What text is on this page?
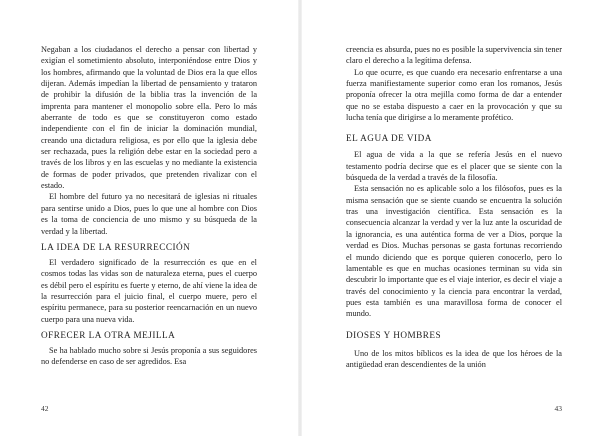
Negaban a los ciudadanos el derecho a pensar con libertad y exigían el sometimiento absoluto, interponiéndose entre Dios y los hombres, afirmando que la voluntad de Dios era la que ellos dijeran. Además impedían la libertad de pensamiento y trataron de prohibir la difusión de la biblia tras la invención de la imprenta para mantener el monopolio sobre ella. Pero lo más aberrante de todo es que se constituyeron como estado independiente con el fin de iniciar la dominación mundial, creando una dictadura religiosa, es por ello que la iglesia debe ser rechazada, pues la religión debe estar en la sociedad pero a través de los libros y en las escuelas y no mediante la existencia de formas de poder privados, que pretenden rivalizar con el estado.

El hombre del futuro ya no necesitará de iglesias ni rituales para sentirse unido a Dios, pues lo que une al hombre con Dios es la toma de conciencia de uno mismo y su búsqueda de la verdad y la libertad.

LA IDEA DE LA RESURRECCIÓN

El verdadero significado de la resurrección es que en el cosmos todas las vidas son de naturaleza eterna, pues el cuerpo es débil pero el espíritu es fuerte y eterno, de ahí viene la idea de la resurrección para el juicio final, el cuerpo muere, pero el espíritu permanece, para su posterior reencarnación en un nuevo cuerpo para una nueva vida.

OFRECER LA OTRA MEJILLA

Se ha hablado mucho sobre si Jesús proponía a sus seguidores no defenderse en caso de ser agredidos. Esa

42

creencia es absurda, pues no es posible la supervivencia sin tener claro el derecho a la legítima defensa.

Lo que ocurre, es que cuando era necesario enfrentarse a una fuerza manifiestamente superior como eran los romanos, Jesús proponía ofrecer la otra mejilla como forma de dar a entender que no se estaba dispuesto a caer en la provocación y que su lucha tenía que dirigirse a lo meramente profético.

EL AGUA DE VIDA

El agua de vida a la que se refería Jesús en el nuevo testamento podría decirse que es el placer que se siente con la búsqueda de la verdad a través de la filosofía.

Esta sensación no es aplicable solo a los filósofos, pues es la misma sensación que se siente cuando se encuentra la solución tras una investigación científica. Esta sensación es la consecuencia alcanzar la verdad y ver la luz ante la oscuridad de la ignorancia, es una auténtica forma de ver a Dios, porque la verdad es Dios. Muchas personas se gasta fortunas recorriendo el mundo diciendo que es porque quieren conocerlo, pero lo lamentable es que en muchas ocasiones terminan su vida sin descubrir lo importante que es el viaje interior, es decir el viaje a través del conocimiento y la ciencia para encontrar la verdad, pues esta también es una maravillosa forma de conocer el mundo.

DIOSES Y HOMBRES

Uno de los mitos bíblicos es la idea de que los héroes de la antigüedad eran descendientes de la unión

43
